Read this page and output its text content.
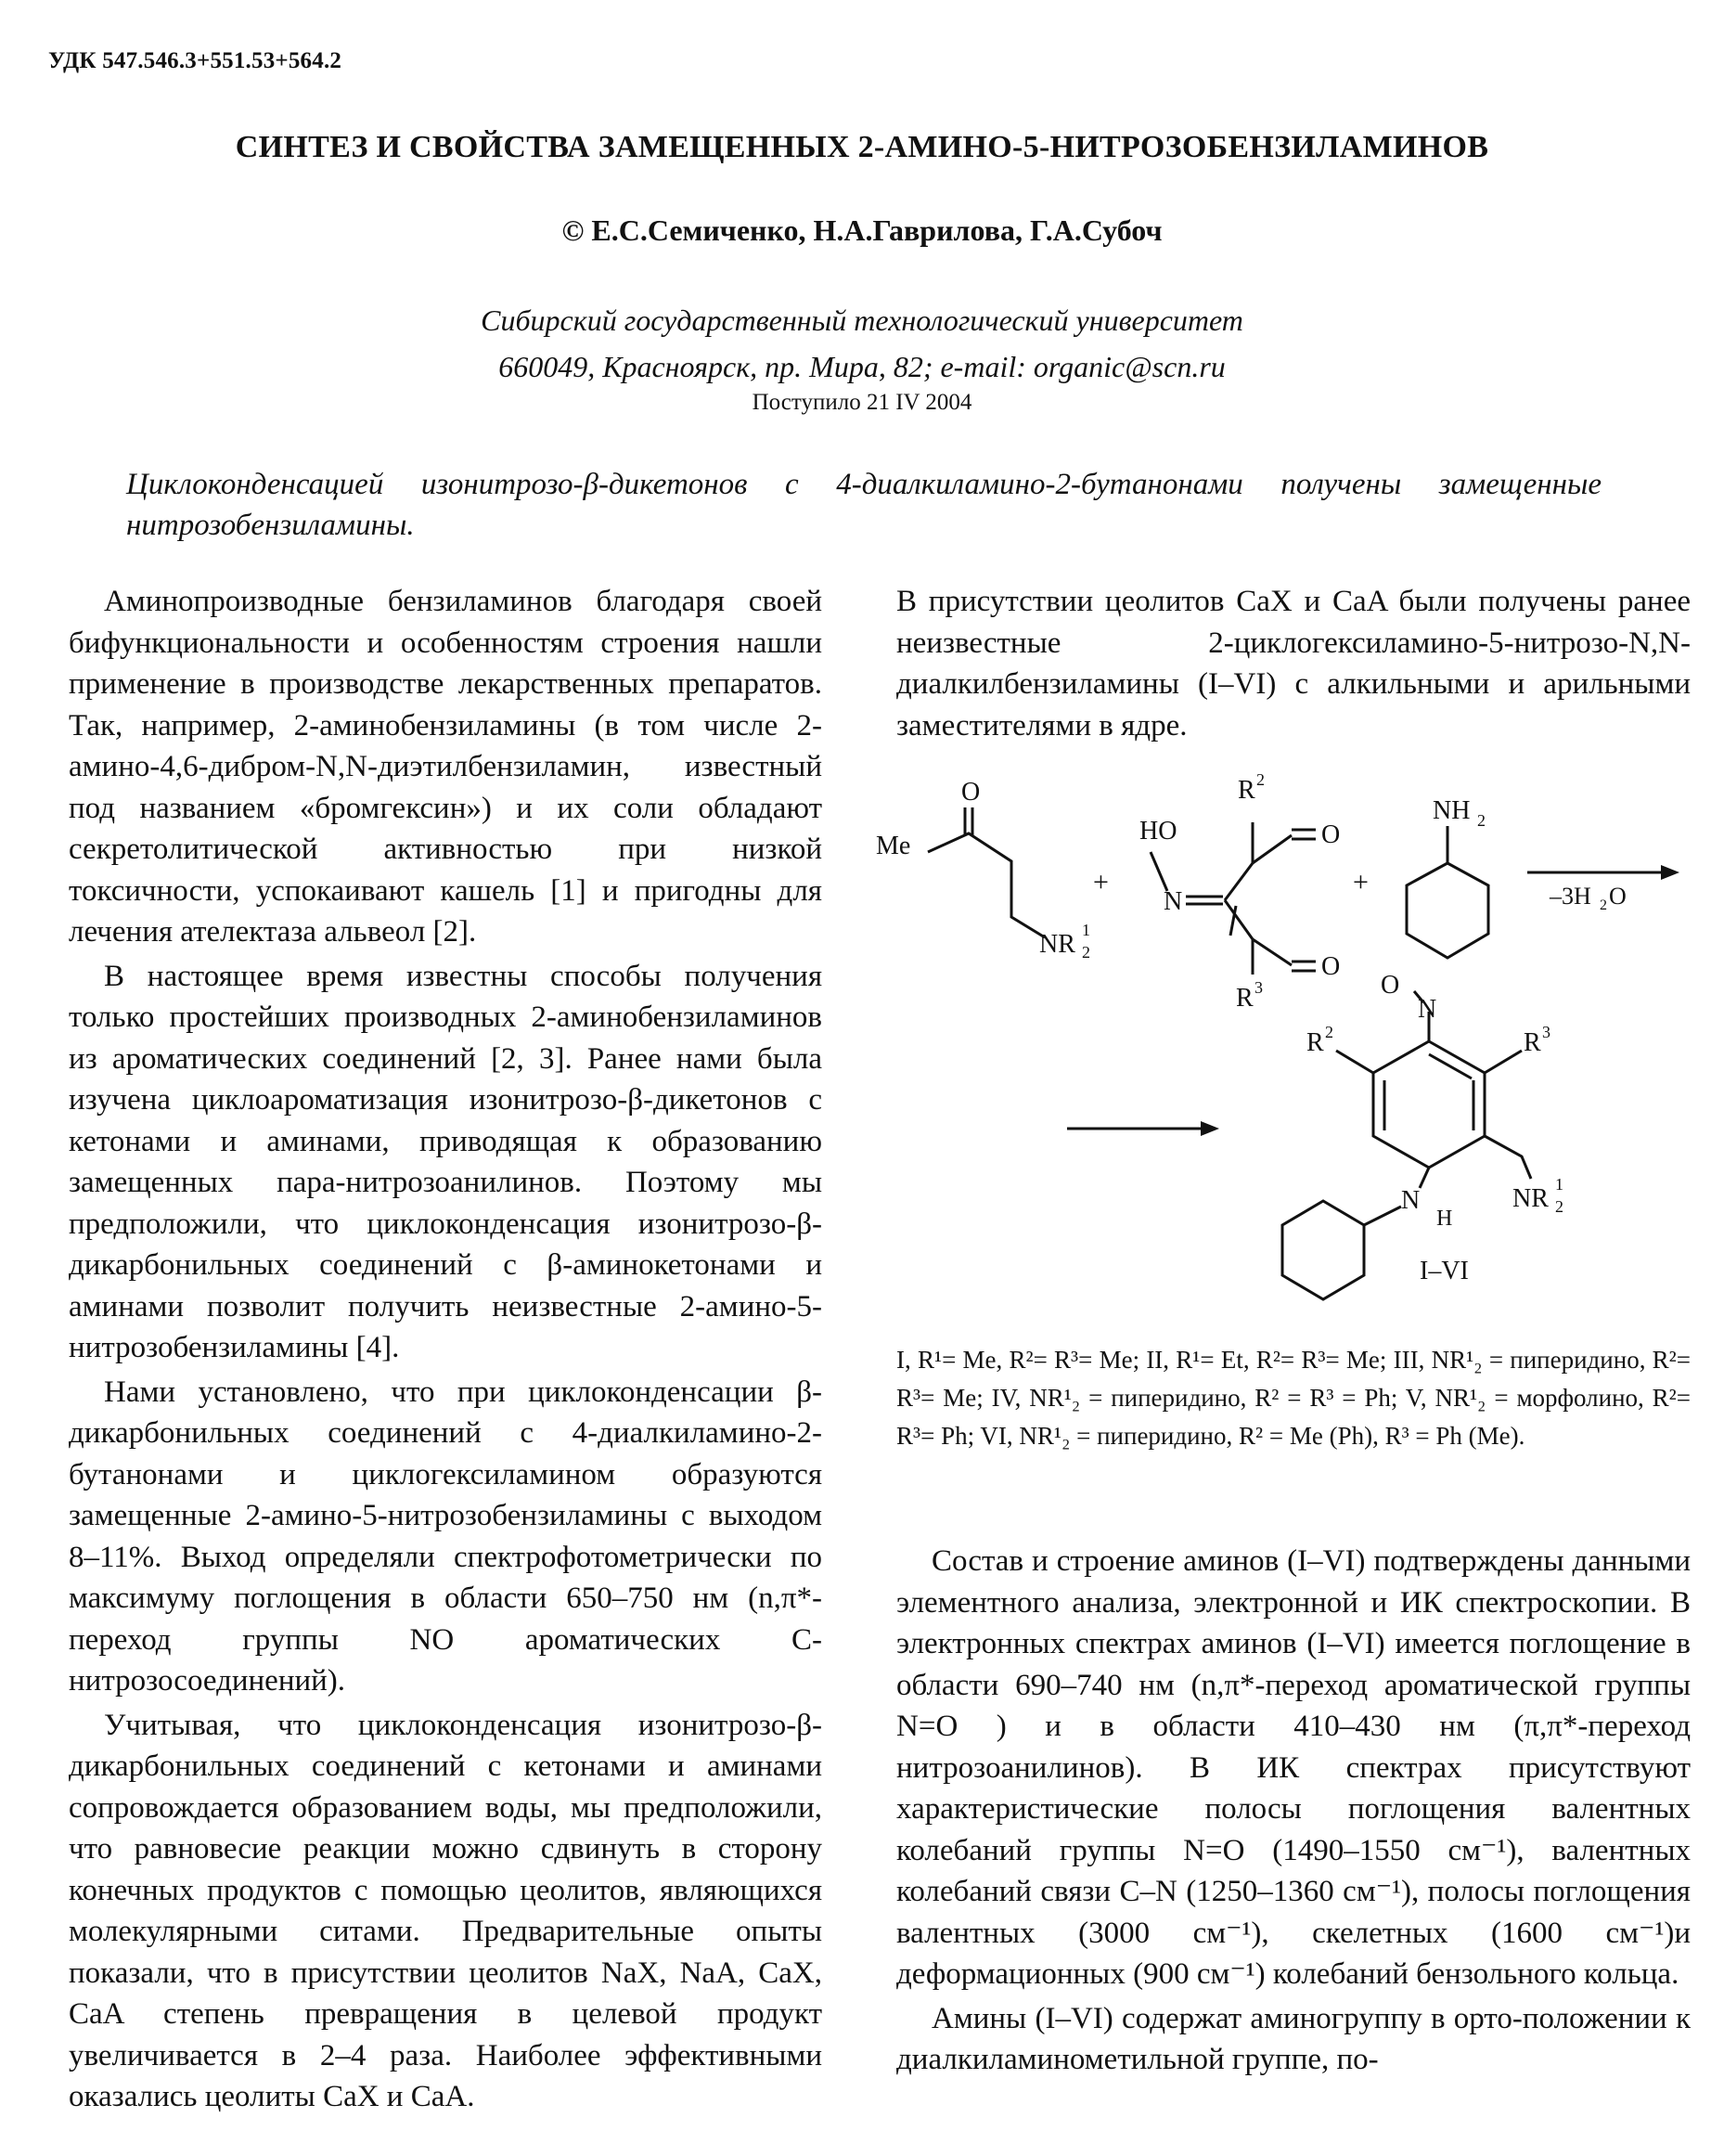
УДК 547.546.3+551.53+564.2
СИНТЕЗ И СВОЙСТВА ЗАМЕЩЕННЫХ 2-АМИНО-5-НИТРОЗОБЕНЗИЛАМИНОВ
© Е.С.Семиченко, Н.А.Гаврилова, Г.А.Субоч
Сибирский государственный технологический университет
660049, Красноярск, пр. Мира, 82; e-mail: organic@scn.ru
Поступило 21 IV 2004
Циклоконденсацией изонитрозо-β-дикетонов с 4-диалкиламино-2-бутанонами получены замещенные нитрозобензиламины.

Аминопроизводные бензиламинов благодаря своей бифункциональности и особенностям строения нашли применение в производстве лекарственных препаратов. Так, например, 2-аминобензиламины (в том числе 2-амино-4,6-дибром-N,N-диэтилбензиламин, известный под названием «бромгексин») и их соли обладают секретолитической активностью при низкой токсичности, успокаивают кашель [1] и пригодны для лечения ателектаза альвеол [2].

В настоящее время известны способы получения только простейших производных 2-аминобензиламинов из ароматических соединений [2, 3]. Ранее нами была изучена циклоароматизация изонитрозо-β-дикетонов с кетонами и аминами, приводящая к образованию замещенных пара-нитрозоанилинов. Поэтому мы предположили, что циклоконденсация изонитрозо-β-дикарбонильных соединений с β-аминокетонами и аминами позволит получить неизвестные 2-амино-5-нитрозобензиламины [4].

Нами установлено, что при циклоконденсации β-дикарбонильных соединений с 4-диалкиламино-2-бутанонами и циклогексиламином образуются замещенные 2-амино-5-нитрозобензиламины с выходом 8–11%. Выход определяли спектрофотометрически по максимуму поглощения в области 650–750 нм (n,π*-переход группы NO ароматических С-нитрозосоединений).

Учитывая, что циклоконденсация изонитрозо-β-дикарбонильных соединений с кетонами и аминами сопровождается образованием воды, мы предположили, что равновесие реакции можно сдвинуть в сторону конечных продуктов с помощью цеолитов, являющихся молекулярными ситами. Предварительные опыты показали, что в присутствии цеолитов NaX, NaA, CaX, CaA степень превращения в целевой продукт увеличивается в 2–4 раза. Наиболее эффективными оказались цеолиты CaX и CaA.

В присутствии цеолитов CaX и CaA были получены ранее неизвестные 2-циклогексиламино-5-нитрозо-N,N-диалкилбензиламины (I–VI) с алкильными и арильными заместителями в ядре.

O
Me
NR 1
2
+
HO
N
R 2
O
O
R 3
+
NH 2
–3H 2 O
O
N
R 2	R 3
N
H
NR 1
2
I–VI
I, R¹= Me, R²= R³= Me; II, R¹= Et, R²= R³= Me; III, NR¹₂ = пиперидино, R²= R³= Me; IV, NR¹₂ = пиперидино, R² = R³ = Ph; V, NR¹₂ = морфолино, R²= R³= Ph; VI, NR¹₂ = пиперидино, R² = Me (Ph), R³ = Ph (Me).

Состав и строение аминов (I–VI) подтверждены данными элементного анализа, электронной и ИК спектроскопии. В электронных спектрах аминов (I–VI) имеется поглощение в области 690–740 нм (n,π*-переход ароматической группы N=O ) и в области 410–430 нм (π,π*-переход нитрозоанилинов). В ИК спектрах присутствуют характеристические полосы поглощения валентных колебаний группы N=O (1490–1550 см⁻¹), валентных колебаний связи C–N (1250–1360 см⁻¹), полосы поглощения валентных (3000 см⁻¹), скелетных (1600 см⁻¹)и деформационных (900 см⁻¹) колебаний бензольного кольца.

Амины (I–VI) содержат аминогруппу в орто-положении к диалкиламинометильной группе, по-
